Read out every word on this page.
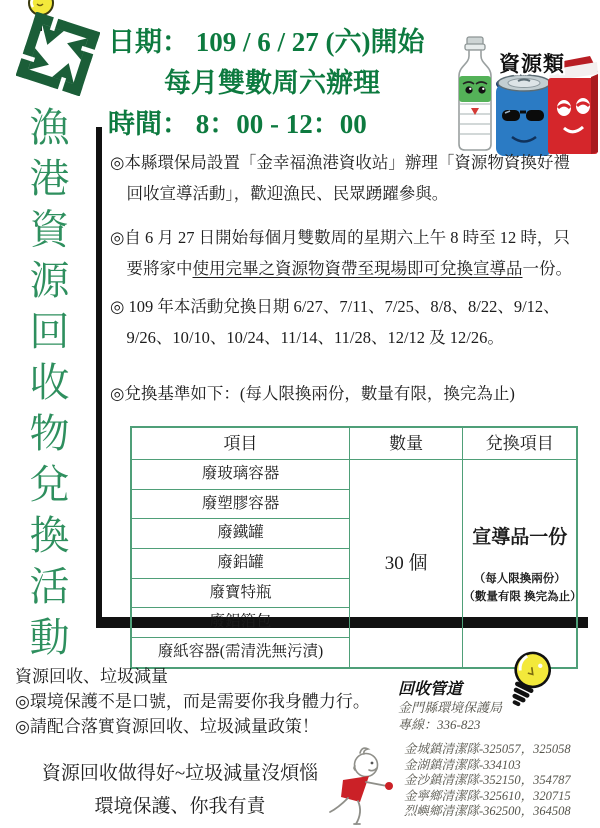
日期： 109 / 6 / 27 (六)開始
每月雙數周六辦理
時間： 8：00 - 12：00
資源類
漁港資源回收物兌換活動	◎本縣環保局設置「金幸福漁港資收站」辦理「資源物資換好禮回收宣導活動」，歡迎漁民、民眾踴躍參與。

◎自 6 月 27 日開始每個月雙數周的星期六上午 8 時至 12 時，只要將家中使用完畢之資源物資帶至現場即可兌換宣導品一份。

◎ 109 年本活動兌換日期 6/27、7/11、7/25、8/8、8/22、9/12、9/26、10/10、10/24、11/14、11/28、12/12 及 12/26。

◎兌換基準如下：(每人限換兩份，數量有限，換完為止)

項目	數量	兌換項目
廢玻璃容器	30 個	宣導品一份
（每人限換兩份）
（數量有限 換完為止）

廢塑膠容器		
廢鐵罐		
廢鋁罐		
廢寶特瓶		
廢鋁箔包		
廢紙容器(需清洗無污漬)		
資源回收、垃圾減量
◎環境保護不是口號，而是需要你我身體力行。
◎請配合落實資源回收、垃圾減量政策！
資源回收做得好~垃圾減量沒煩惱
環境保護、你我有責
回收管道
金門縣環境保護局
專線：336-823
金城鎮清潔隊-325057，325058
金湖鎮清潔隊-334103
金沙鎮清潔隊-352150，354787
金寧鄉清潔隊-325610，320715
烈嶼鄉清潔隊-362500，364508
